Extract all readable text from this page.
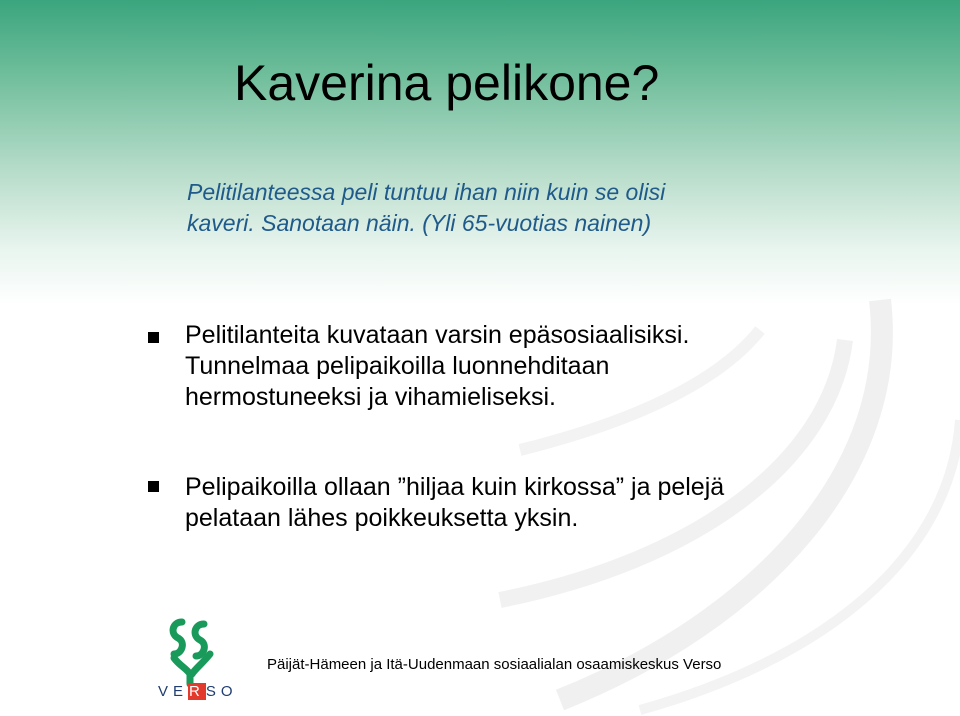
Kaverina pelikone?
Pelitilanteessa peli tuntuu ihan niin kuin se olisi
kaveri. Sanotaan näin. (Yli 65-vuotias nainen)
Pelitilanteita kuvataan varsin epäsosiaalisiksi.
Tunnelmaa pelipaikoilla luonnehditaan
hermostuneeksi ja vihamieliseksi.
Pelipaikoilla ollaan ”hiljaa kuin kirkossa” ja pelejä
pelataan lähes poikkeuksetta yksin.
VERSO
Päijät-Hämeen ja Itä-Uudenmaan sosiaalialan osaamiskeskus Verso
